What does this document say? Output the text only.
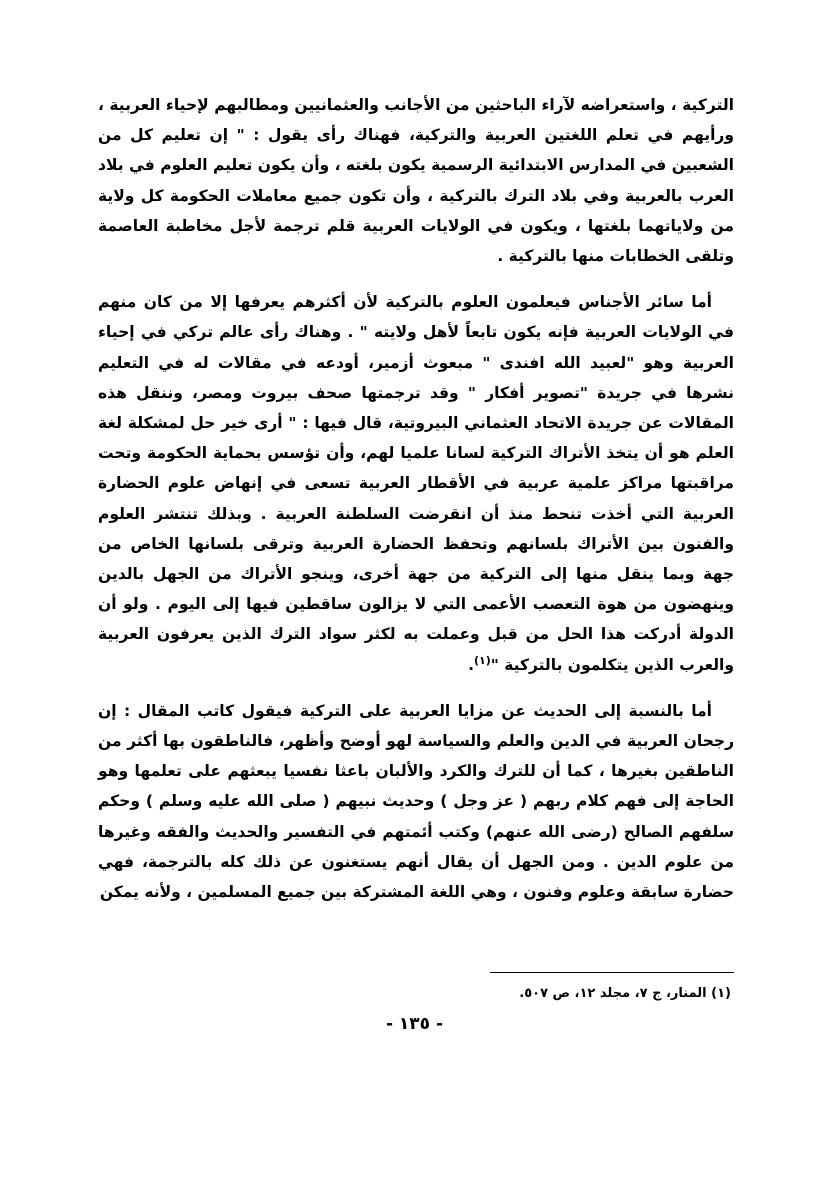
التركية ، واستعراضه لآراء الباحثين من الأجانب والعثمانيين ومطالبهم لإحياء العربية ، ورأيهم في تعلم اللغتين العربية والتركية، فهناك رأى يقول : " إن تعليم كل من الشعبين في المدارس الابتدائية الرسمية يكون بلغته ، وأن يكون تعليم العلوم في بلاد العرب بالعربية وفي بلاد الترك بالتركية ، وأن تكون جميع معاملات الحكومة كل ولاية من ولاياتهما بلغتها ، ويكون في الولايات العربية قلم ترجمة لأجل مخاطبة العاصمة وتلقى الخطابات منها بالتركية .

أما سائر الأجناس فيعلمون العلوم بالتركية لأن أكثرهم يعرفها إلا من كان منهم في الولايات العربية فإنه يكون تابعاً لأهل ولايته " . وهناك رأى عالم تركي في إحياء العربية وهو "لعبيد الله افندى " مبعوث أزمير، أودعه في مقالات له في التعليم نشرها في جريدة "تصوير أفكار " وقد ترجمتها صحف بيروت ومصر، وننقل هذه المقالات عن جريدة الاتحاد العثماني البيروتية، قال فيها : " أرى خير حل لمشكلة لغة العلم هو أن يتخذ الأتراك التركية لسانا علميا لهم، وأن تؤسس بحماية الحكومة وتحت مراقبتها مراكز علمية عربية في الأقطار العربية تسعى في إنهاض علوم الحضارة العربية التي أخذت تنحط منذ أن انقرضت السلطنة العربية . وبذلك تنتشر العلوم والفنون بين الأتراك بلسانهم وتحفظ الحضارة العربية وترقى بلسانها الخاص من جهة وبما ينقل منها إلى التركية من جهة أخرى، وينجو الأتراك من الجهل بالدين وينهضون من هوة التعصب الأعمى التي لا يزالون ساقطين فيها إلى اليوم . ولو أن الدولة أدركت هذا الحل من قبل وعملت به لكثر سواد الترك الذين يعرفون العربية والعرب الذين يتكلمون بالتركية "$^{(١)}$.

أما بالنسبة إلى الحديث عن مزايا العربية على التركية فيقول كاتب المقال : إن رجحان العربية في الدين والعلم والسياسة لهو أوضح وأظهر، فالناطقون بها أكثر من الناطقين بغيرها ، كما أن للترك والكرد والألبان باعثا نفسيا يبعثهم على تعلمها وهو الحاجة إلى فهم كلام ربهم ( عز وجل ) وحديث نبيهم ( صلى الله عليه وسلم ) وحكم سلفهم الصالح (رضى الله عنهم) وكتب أئمتهم في التفسير والحديث والفقه وغيرها من علوم الدين . ومن الجهل أن يقال أنهم يستغنون عن ذلك كله بالترجمة، فهي حضارة سابقة وعلوم وفنون ، وهي اللغة المشتركة بين جميع المسلمين ، ولأنه يمكن

(١) المنار، ج ٧، مجلد ١٢، ص ٥٠٧.

- ١٣٥ -
